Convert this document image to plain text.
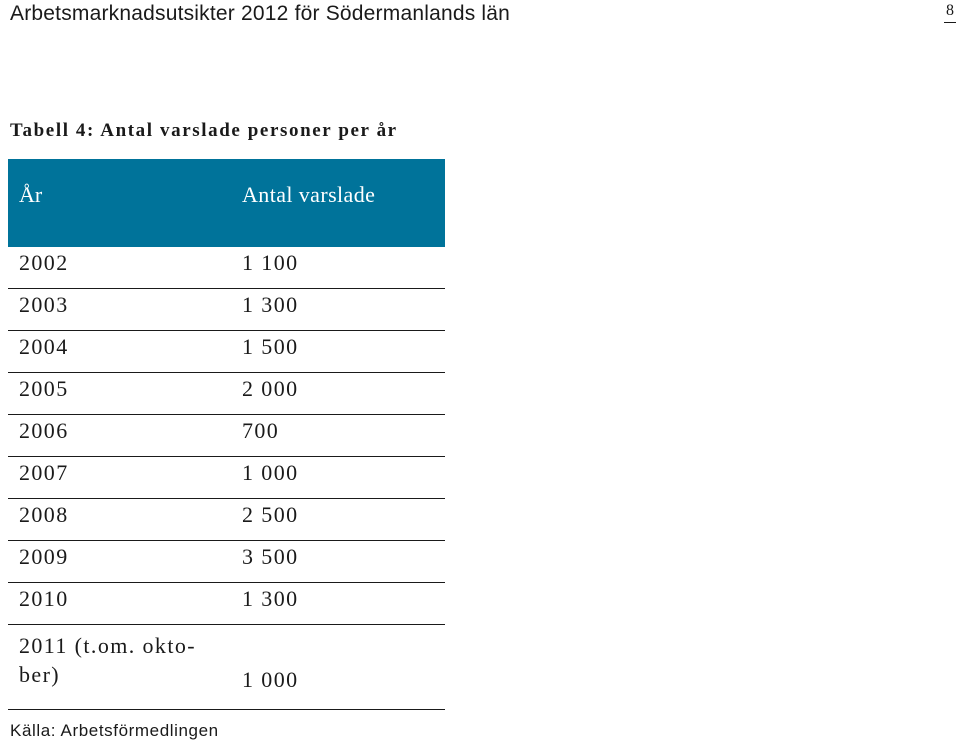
Arbetsmarknadsutsikter 2012 för Södermanlands län	8
Tabell 4: Antal varslade personer per år
År	Antal varslade
2002	1 100
2003	1 300
2004	1 500
2005	2 000
2006	700
2007	1 000
2008	2 500
2009	3 500
2010	1 300
2011 (t.om. okto-ber)	1 000
Källa: Arbetsförmedlingen
